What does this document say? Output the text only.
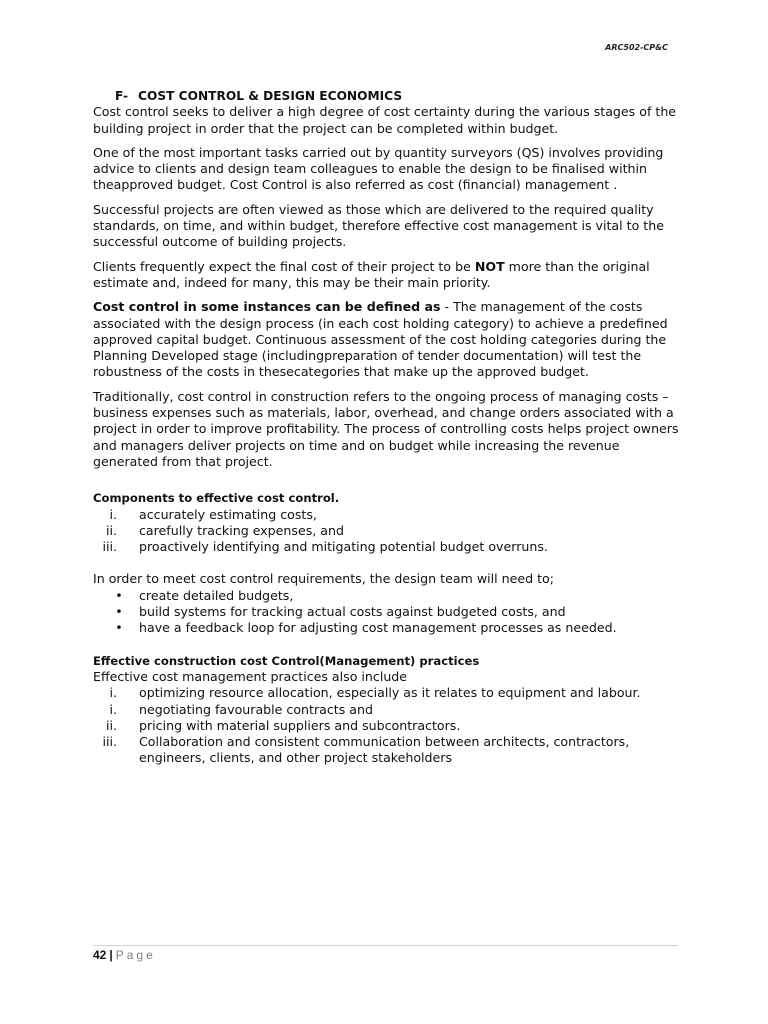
ARC502-CP&C
F- COST CONTROL & DESIGN ECONOMICS

Cost control seeks to deliver a high degree of cost certainty during the various stages of the building project in order that the project can be completed within budget.

One of the most important tasks carried out by quantity surveyors (QS) involves providing advice to clients and design team colleagues to enable the design to be finalised within theapproved budget. Cost Control is also referred as cost (financial) management .

Successful projects are often viewed as those which are delivered to the required quality standards, on time, and within budget, therefore effective cost management is vital to the successful outcome of building projects.

Clients frequently expect the final cost of their project to be NOT more than the original estimate and, indeed for many, this may be their main priority.

Cost control in some instances can be defined as - The management of the costs associated with the design process (in each cost holding category) to achieve a predefined approved capital budget. Continuous assessment of the cost holding categories during the Planning Developed stage (includingpreparation of tender documentation) will test the robustness of the costs in thesecategories that make up the approved budget.

Traditionally, cost control in construction refers to the ongoing process of managing costs – business expenses such as materials, labor, overhead, and change orders associated with a project in order to improve profitability. The process of controlling costs helps project owners and managers deliver projects on time and on budget while increasing the revenue generated from that project.

Components to effective cost control.
i. accurately estimating costs,
ii. carefully tracking expenses, and
iii. proactively identifying and mitigating potential budget overruns.
In order to meet cost control requirements, the design team will need to;
• create detailed budgets,
• build systems for tracking actual costs against budgeted costs, and
• have a feedback loop for adjusting cost management processes as needed.
Effective construction cost Control(Management) practices
Effective cost management practices also include
i. optimizing resource allocation, especially as it relates to equipment and labour.
i. negotiating favourable contracts and
ii. pricing with material suppliers and subcontractors.
iii. Collaboration and consistent communication between architects, contractors, engineers, clients, and other project stakeholders
42 | Page
